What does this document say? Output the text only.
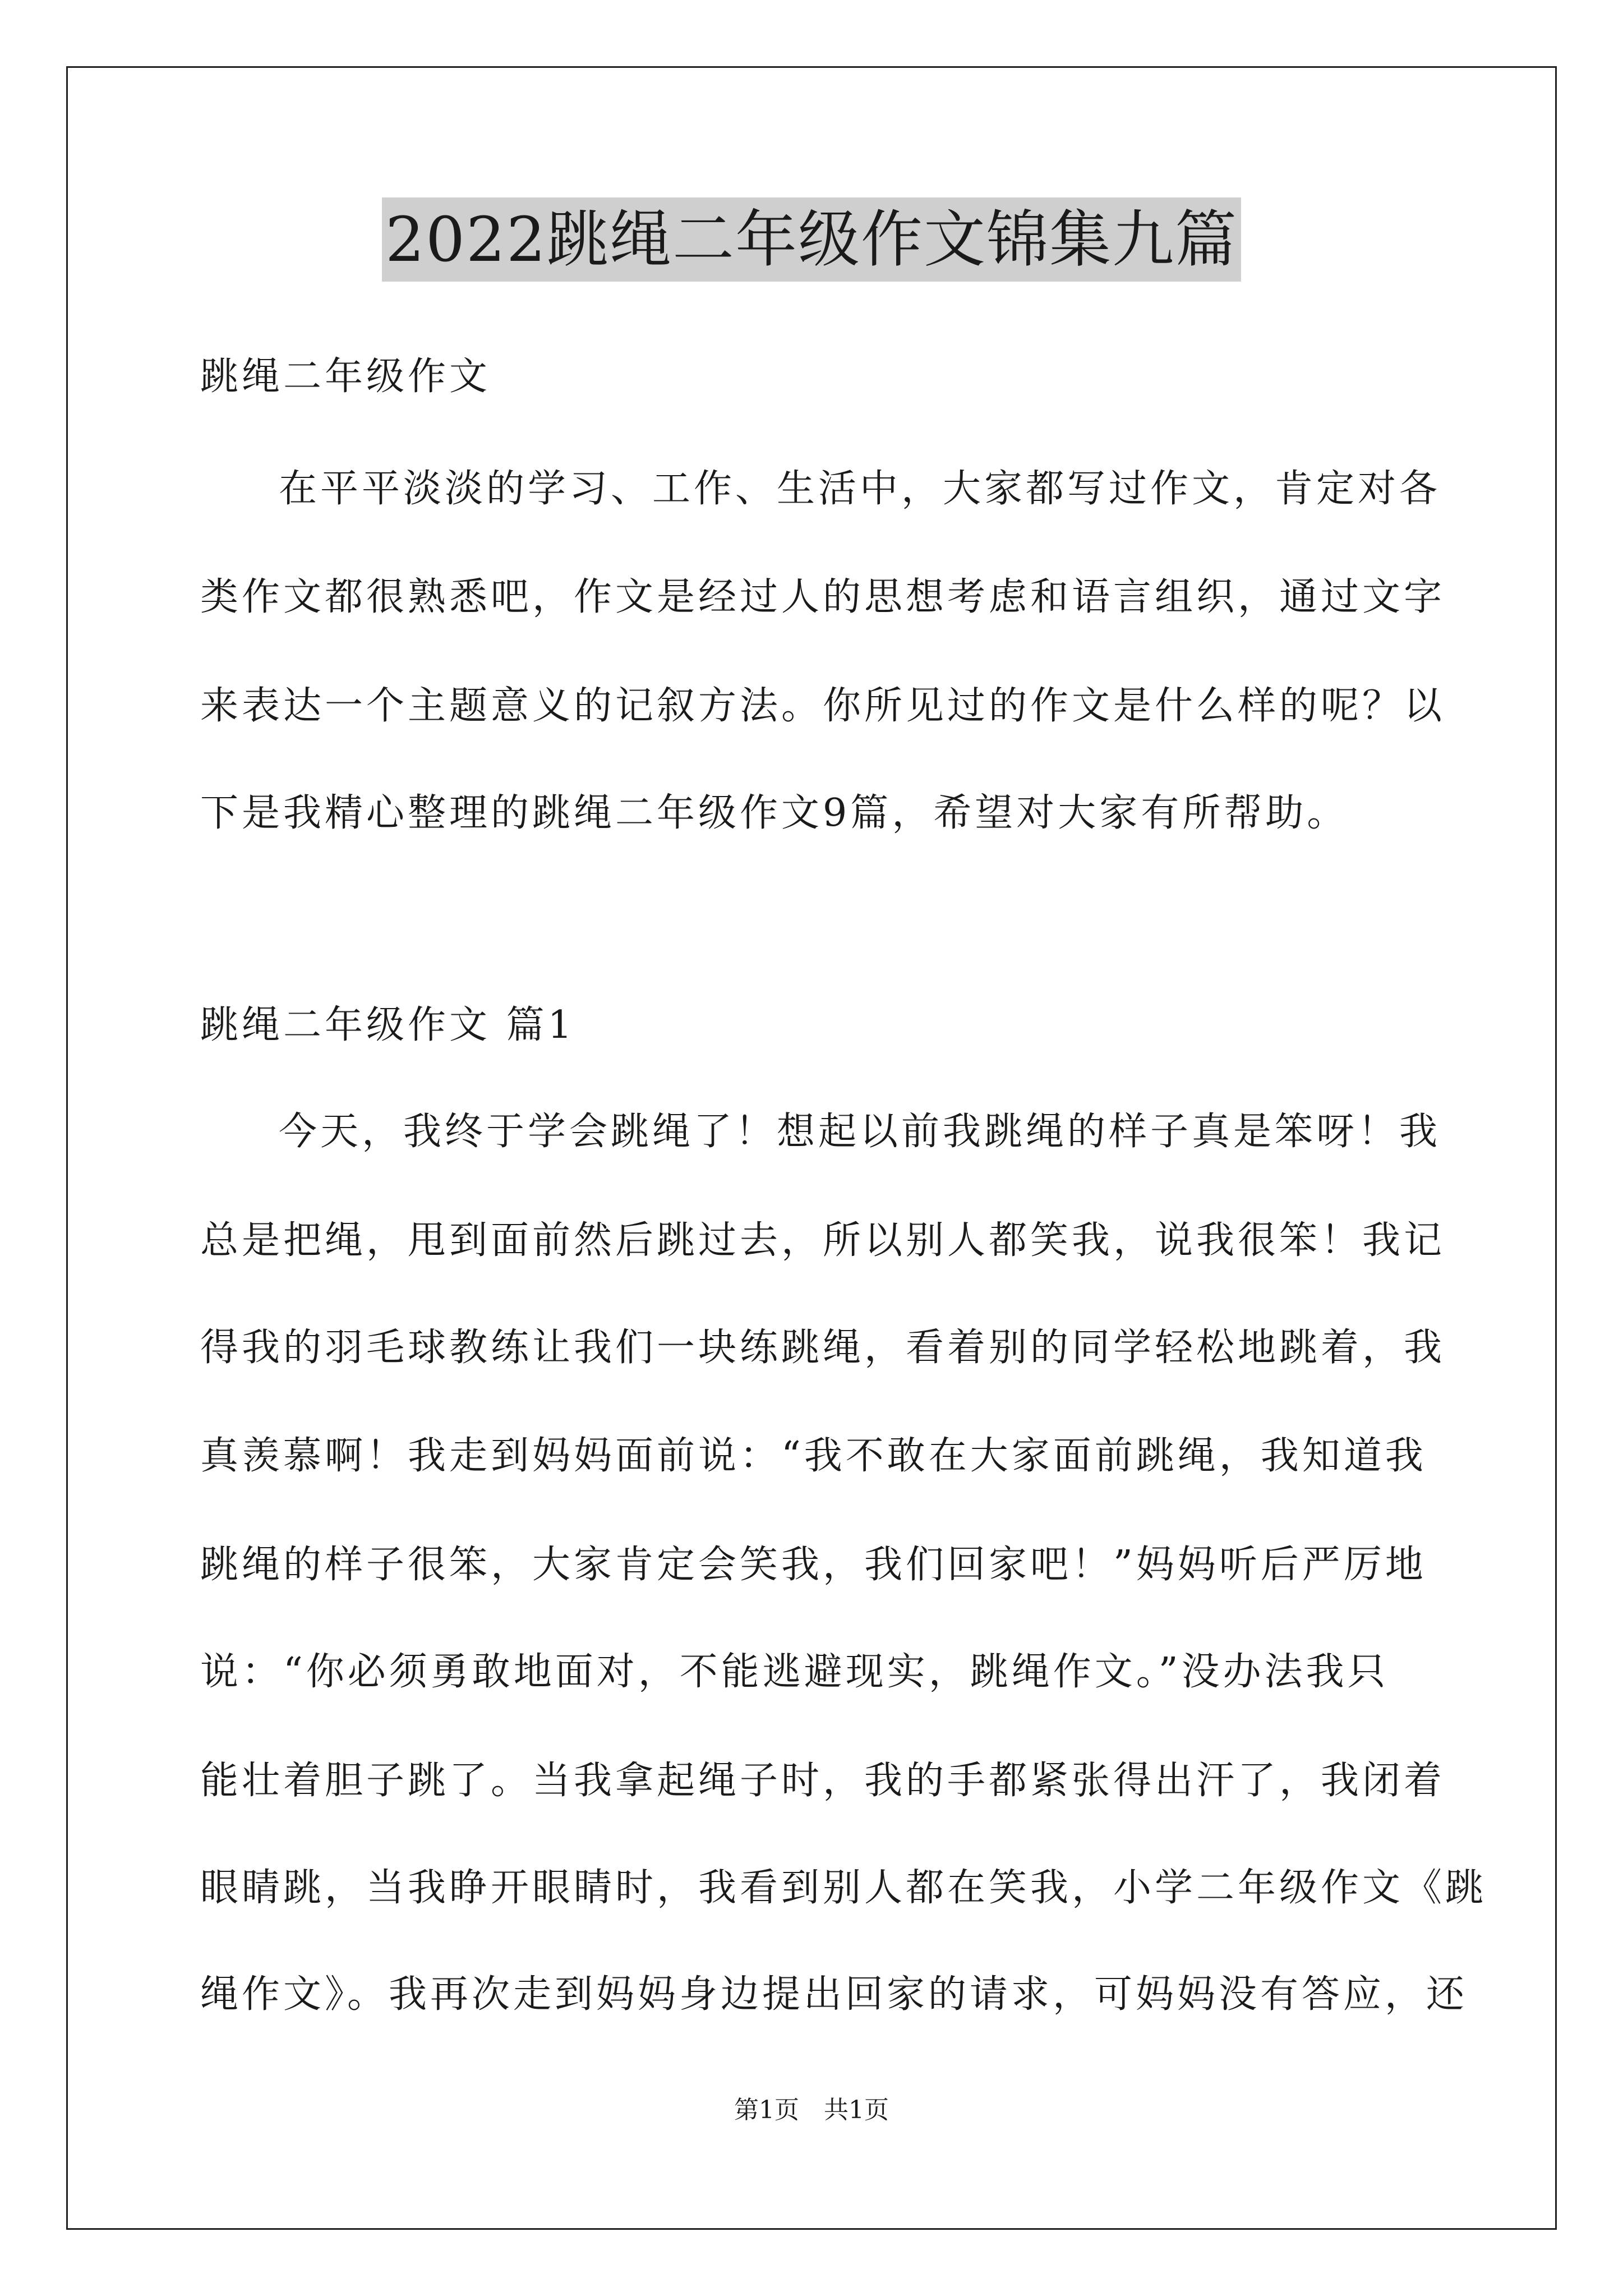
2022跳绳二年级作文锦集九篇
跳绳二年级作文
在平平淡淡的学习、工作、生活中，大家都写过作文，肯定对各
类作文都很熟悉吧，作文是经过人的思想考虑和语言组织，通过文字
来表达一个主题意义的记叙方法。你所见过的作文是什么样的呢？以
下是我精心整理的跳绳二年级作文9篇，希望对大家有所帮助。
跳绳二年级作文 篇1
今天，我终于学会跳绳了！想起以前我跳绳的样子真是笨呀！我
总是把绳，甩到面前然后跳过去，所以别人都笑我，说我很笨！我记
得我的羽毛球教练让我们一块练跳绳，看着别的同学轻松地跳着，我
真羡慕啊！我走到妈妈面前说：“我不敢在大家面前跳绳，我知道我
跳绳的样子很笨，大家肯定会笑我，我们回家吧！”妈妈听后严厉地
说：“你必须勇敢地面对，不能逃避现实，跳绳作文。”没办法我只
能壮着胆子跳了。当我拿起绳子时，我的手都紧张得出汗了，我闭着
眼睛跳，当我睁开眼睛时，我看到别人都在笑我，小学二年级作文《跳
绳作文》。我再次走到妈妈身边提出回家的请求，可妈妈没有答应，还
第1页　共1页
